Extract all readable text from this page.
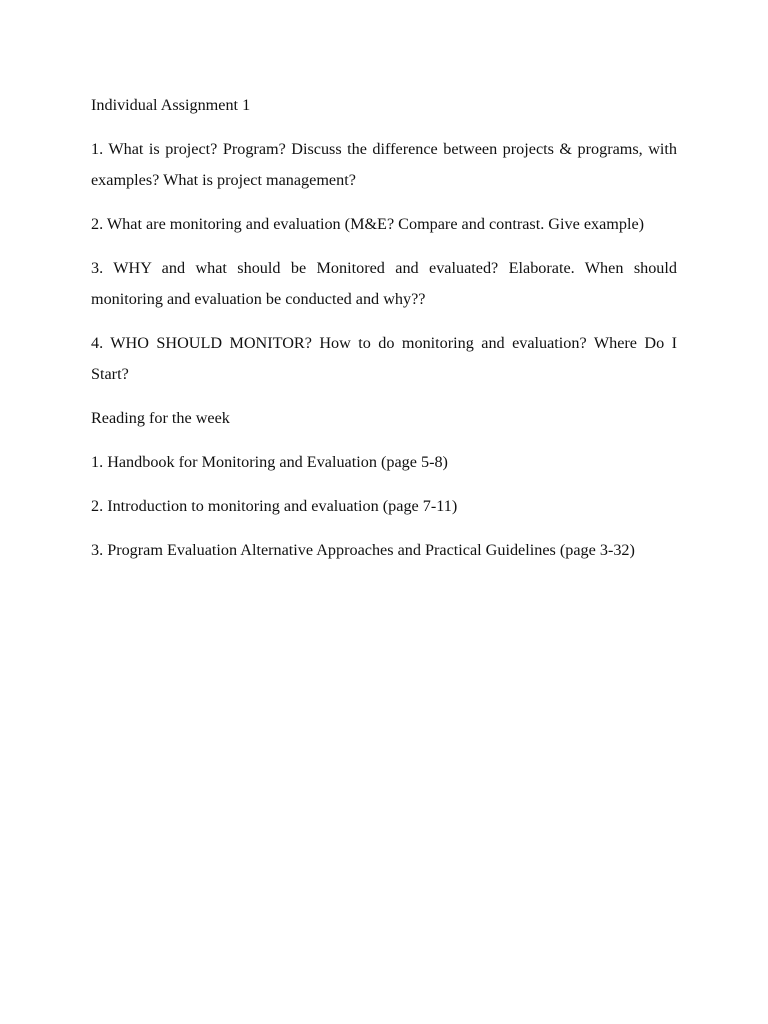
Individual Assignment 1

1. What is project? Program? Discuss the difference between projects & programs, with examples? What is project management?

2. What are monitoring and evaluation (M&E? Compare and contrast. Give example)

3. WHY and what should be Monitored and evaluated? Elaborate. When should monitoring and evaluation be conducted and why??

4. WHO SHOULD MONITOR? How to do monitoring and evaluation? Where Do I Start?

Reading for the week

1. Handbook for Monitoring and Evaluation (page 5-8)

2. Introduction to monitoring and evaluation (page 7-11)

3. Program Evaluation Alternative Approaches and Practical Guidelines (page 3-32)
